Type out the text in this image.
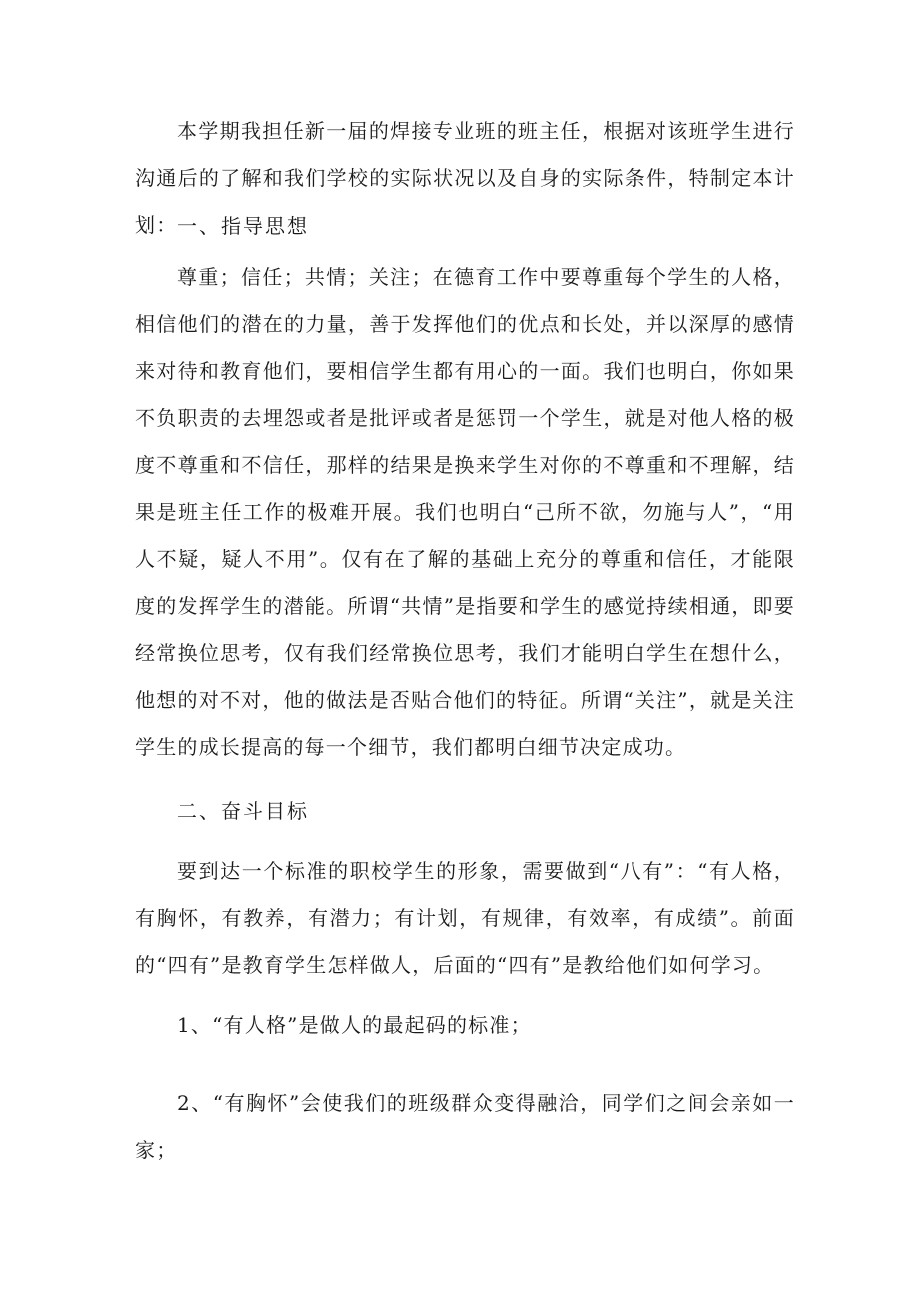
本学期我担任新一届的焊接专业班的班主任，根据对该班学生进行沟通后的了解和我们学校的实际状况以及自身的实际条件，特制定本计划： 一、指导思想

尊重；信任；共情；关注；在德育工作中要尊重每个学生的人格，相信他们的潜在的力量，善于发挥他们的优点和长处，并以深厚的感情来对待和教育他们，要相信学生都有用心的一面。我们也明白，你如果不负职责的去埋怨或者是批评或者是惩罚一个学生，就是对他人格的极度不尊重和不信任，那样的结果是换来学生对你的不尊重和不理解，结果是班主任工作的极难开展。我们也明白“己所不欲，勿施与人”，“用人不疑，疑人不用”。仅有在了解的基础上充分的尊重和信任，才能限度的发挥学生的潜能。所谓“共情”是指要和学生的感觉持续相通，即要经常换位思考，仅有我们经常换位思考，我们才能明白学生在想什么，他想的对不对，他的做法是否贴合他们的特征。所谓“关注”，就是关注学生的成长提高的每一个细节，我们都明白细节决定成功。

二、奋斗目标

要到达一个标准的职校学生的形象，需要做到“八有”：“有人格，有胸怀，有教养，有潜力；有计划，有规律，有效率，有成绩”。前面的“四有”是教育学生怎样做人，后面的“四有”是教给他们如何学习。

1、“有人格”是做人的最起码的标准；

2、“有胸怀”会使我们的班级群众变得融洽，同学们之间会亲如一家；
